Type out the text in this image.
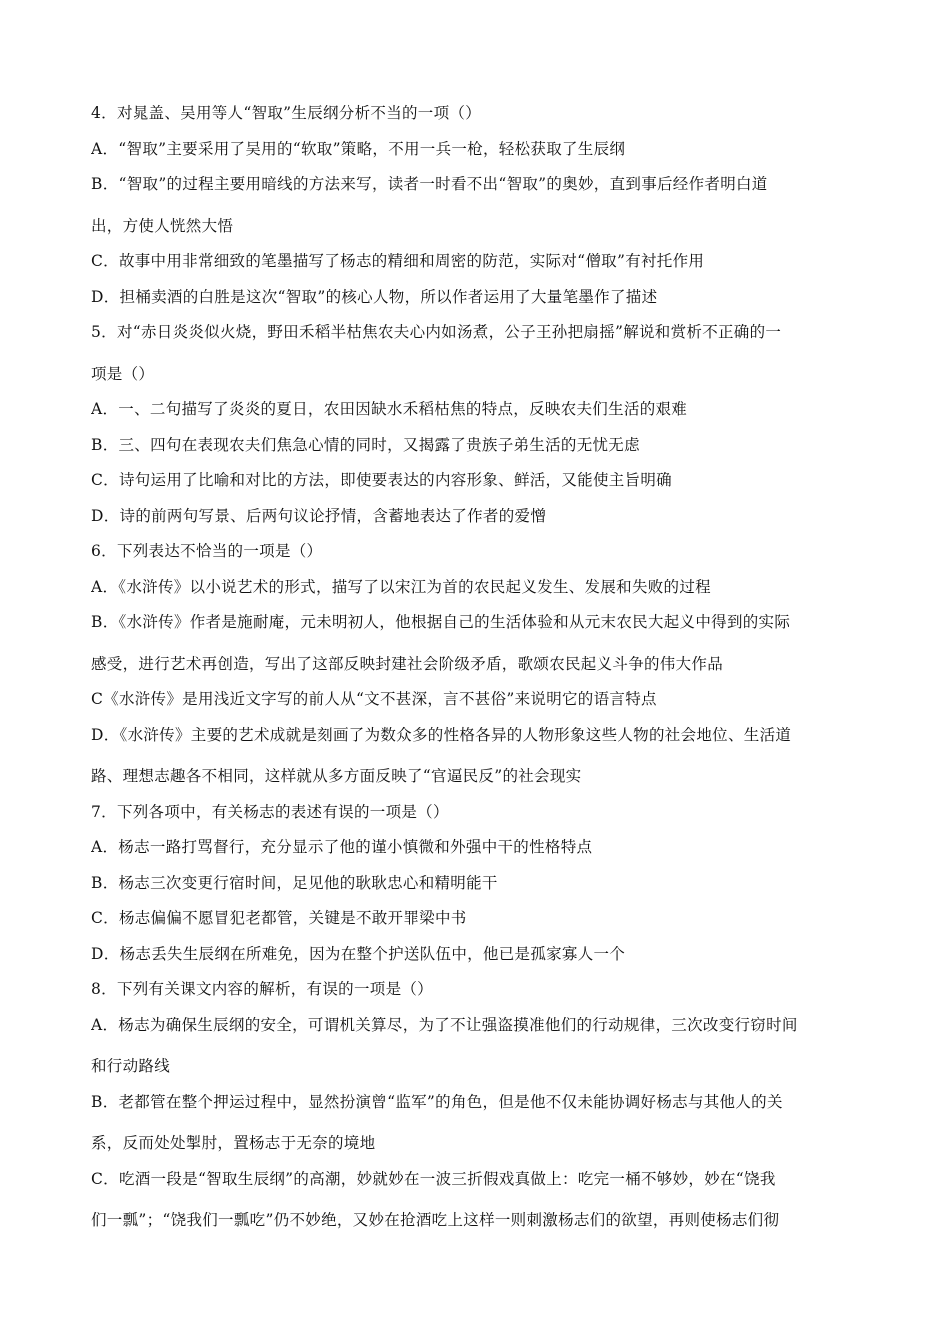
4．对晁盖、吴用等人“智取”生辰纲分析不当的一项（）

A．“智取”主要采用了吴用的“软取”策略，不用一兵一枪，轻松获取了生辰纲

B．“智取”的过程主要用暗线的方法来写，读者一时看不出“智取”的奥妙，直到事后经作者明白道

出，方使人恍然大悟

C．故事中用非常细致的笔墨描写了杨志的精细和周密的防范，实际对“僧取”有衬托作用

D．担桶卖酒的白胜是这次“智取”的核心人物，所以作者运用了大量笔墨作了描述

5．对“赤日炎炎似火烧，野田禾稻半枯焦农夫心内如汤煮，公子王孙把扇摇”解说和赏析不正确的一

项是（）

A．一、二句描写了炎炎的夏日，农田因缺水禾稻枯焦的特点，反映农夫们生活的艰难

B．三、四句在表现农夫们焦急心情的同时，又揭露了贵族子弟生活的无忧无虑

C．诗句运用了比喻和对比的方法，即使要表达的内容形象、鲜活，又能使主旨明确

D．诗的前两句写景、后两句议论抒情，含蓄地表达了作者的爱憎

6．下列表达不恰当的一项是（）

A．《水浒传》以小说艺术的形式，描写了以宋江为首的农民起义发生、发展和失败的过程

B．《水浒传》作者是施耐庵，元未明初人，他根据自己的生活体验和从元末农民大起义中得到的实际

感受，进行艺术再创造，写出了这部反映封建社会阶级矛盾，歌颂农民起义斗争的伟大作品

C《水浒传》是用浅近文字写的前人从“文不甚深，言不甚俗”来说明它的语言特点

D．《水浒传》主要的艺术成就是刻画了为数众多的性格各异的人物形象这些人物的社会地位、生活道

路、理想志趣各不相同，这样就从多方面反映了“官逼民反”的社会现实

7．下列各项中，有关杨志的表述有误的一项是（）

A．杨志一路打骂督行，充分显示了他的谨小慎微和外强中干的性格特点

B．杨志三次变更行宿时间，足见他的耿耿忠心和精明能干

C．杨志偏偏不愿冒犯老都管，关键是不敢开罪梁中书

D．杨志丢失生辰纲在所难免，因为在整个护送队伍中，他已是孤家寡人一个

8．下列有关课文内容的解析，有误的一项是（）

A．杨志为确保生辰纲的安全，可谓机关算尽，为了不让强盗摸准他们的行动规律，三次改变行窃时间

和行动路线

B．老都管在整个押运过程中，显然扮演曾“监军”的角色，但是他不仅未能协调好杨志与其他人的关

系，反而处处掣肘，置杨志于无奈的境地

C．吃酒一段是“智取生辰纲”的高潮，妙就妙在一波三折假戏真做上：吃完一桶不够妙，妙在“饶我

们一瓢”；“饶我们一瓢吃”仍不妙绝，又妙在抢酒吃上这样一则刺激杨志们的欲望，再则使杨志们彻
